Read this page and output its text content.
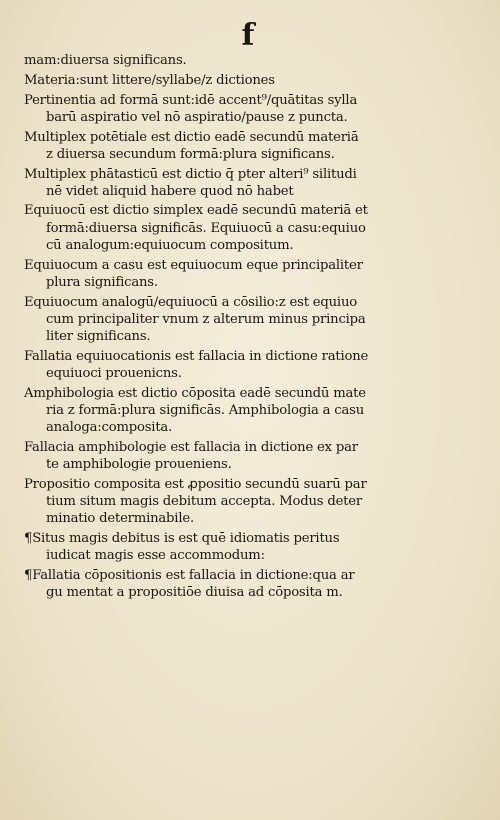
f
mam:diuersa significans.
Materia:sunt littere/syllabe/z dictiones
Pertinentia ad formā sunt:idē accent⁹/quātitas sylla
barū aspiratio vel nō aspiratio/pause z puncta.
Multiplex potētiale est dictio eadē secundū materiā
z diuersa secundum formā:plura significans.
Multiplex phātasticū est dictio q̄ pter alteri⁹ silitudi
nē videt aliquid habere quod nō habet
Equiuocū est dictio simplex eadē secundū materiā et
formā:diuersa significās. Equiuocū a casu:equiuo
cū analogum:equiuocum compositum.
Equiuocum a casu est equiuocum eque principaliter
plura significans.
Equiuocum analogū/equiuocū a cōsilio:z est equiuo
cum principaliter vnum z alterum minus principa
liter significans.
Fallatia equiuocationis est fallacia in dictione ratione
equiuoci prouenicns.
Amphibologia est dictio cōposita eadē secundū mate
ria z formā:plura significās. Amphibologia a casu
analoga:composita.
Fallacia amphibologie est fallacia in dictione ex par
te amphibologie proueniens.
Propositio composita est ꝓpositio secundū suarū par
tium situm magis debitum accepta. Modus deter
minatio determinabile.
¶Situs magis debitus is est quē idiomatis peritus
iudicat magis esse accommodum:
¶Fallatia cōpositionis est fallacia in dictione:qua ar
gu mentat a propositiōe diuisa ad cōposita m.
